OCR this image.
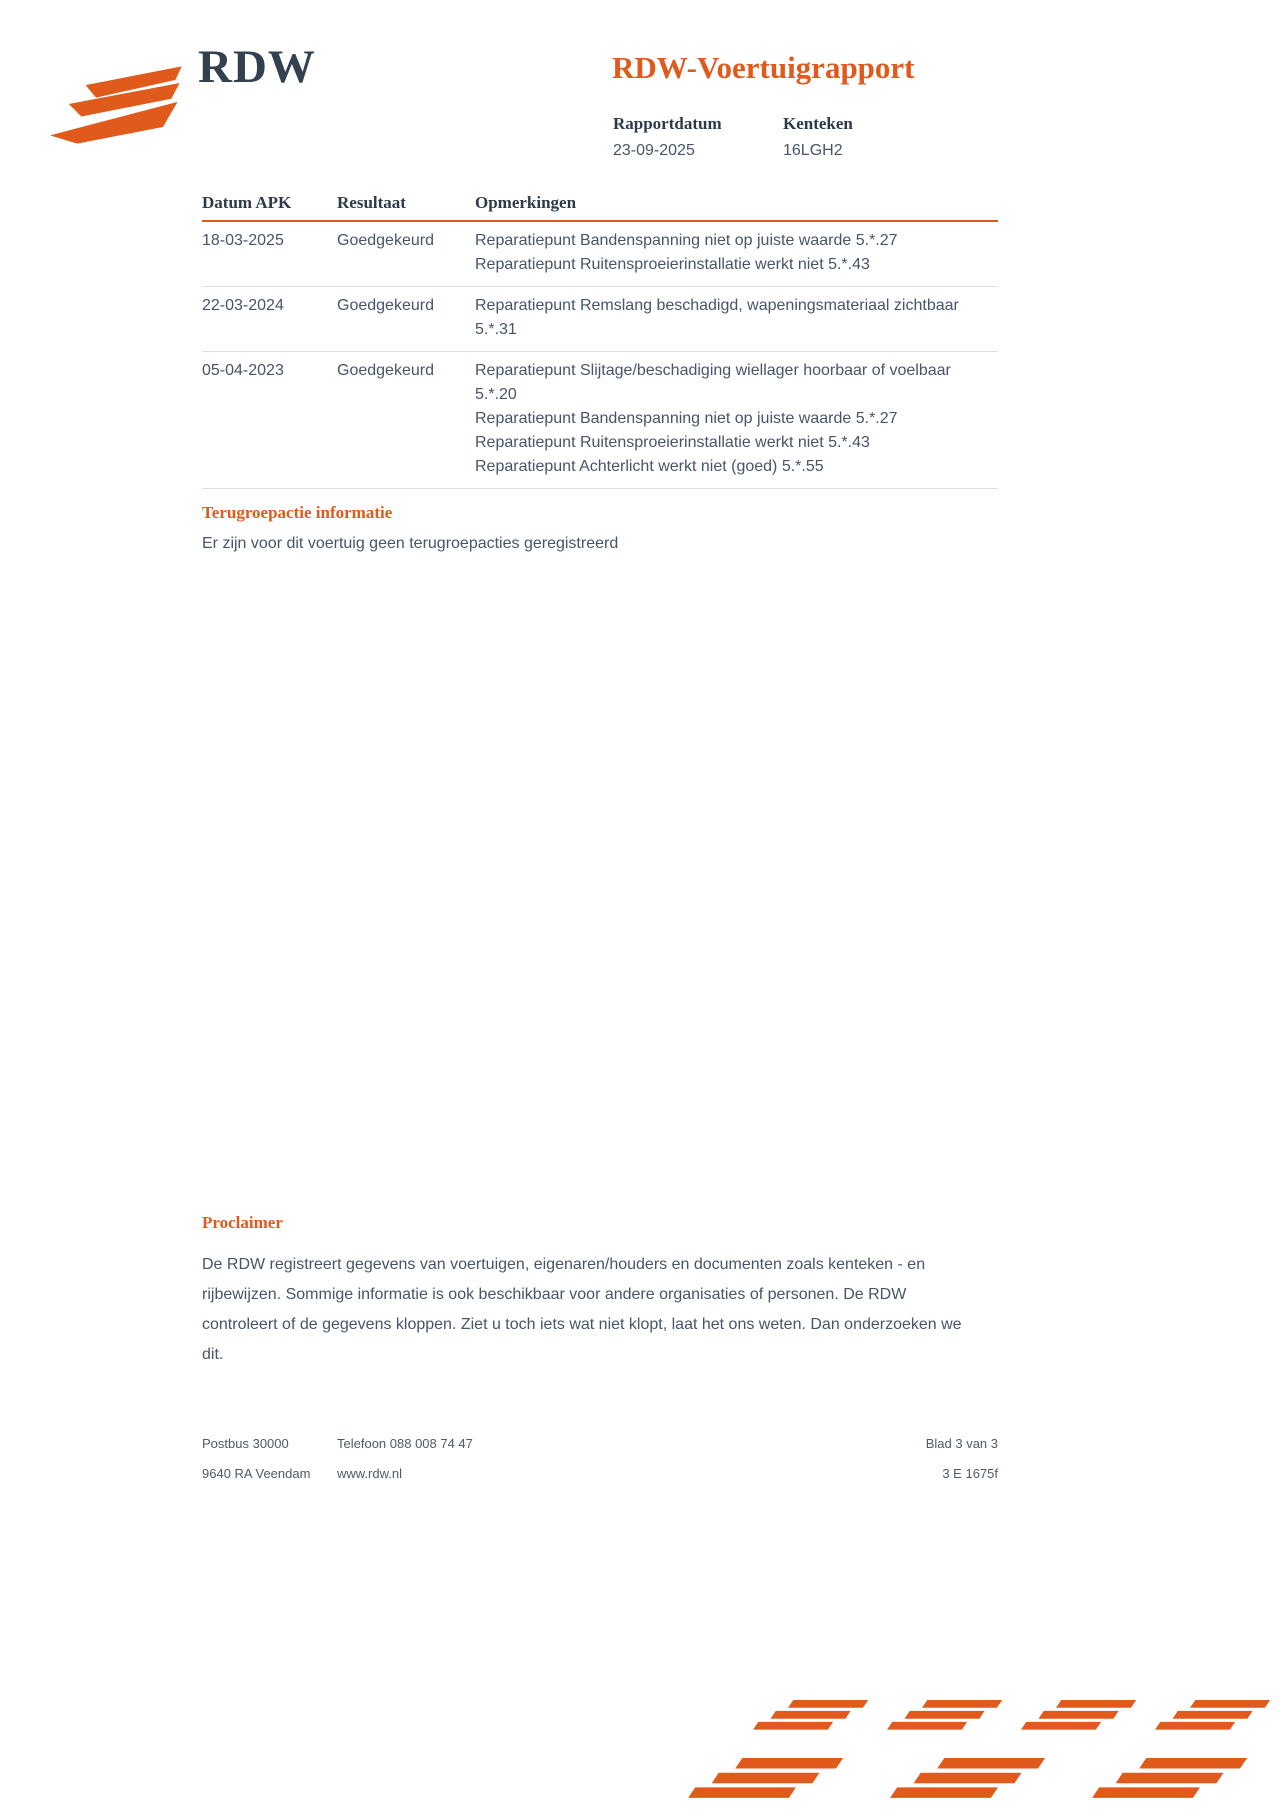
RDW	RDW-Voertuigrapport
Rapportdatum
23-09-2025
Kenteken
16LGH2
Datum APK	Resultaat	Opmerkingen
18-03-2025	Goedgekeurd	Reparatiepunt Bandenspanning niet op juiste waarde 5.*.27
Reparatiepunt Ruitensproeierinstallatie werkt niet 5.*.43
22-03-2024	Goedgekeurd	Reparatiepunt Remslang beschadigd, wapeningsmateriaal zichtbaar 5.*.31
05-04-2023	Goedgekeurd	Reparatiepunt Slijtage/beschadiging wiellager hoorbaar of voelbaar 5.*.20
Reparatiepunt Bandenspanning niet op juiste waarde 5.*.27
Reparatiepunt Ruitensproeierinstallatie werkt niet 5.*.43
Reparatiepunt Achterlicht werkt niet (goed) 5.*.55
Terugroepactie informatie
Er zijn voor dit voertuig geen terugroepacties geregistreerd
Proclaimer

De RDW registreert gegevens van voertuigen, eigenaren/houders en documenten zoals kenteken - en rijbewijzen. Sommige informatie is ook beschikbaar voor andere organisaties of personen. De RDW controleert of de gegevens kloppen. Ziet u toch iets wat niet klopt, laat het ons weten. Dan onderzoeken we dit.

Postbus 30000	Telefoon 088 008 74 47	Blad 3 van 3
9640 RA Veendam	www.rdw.nl	3 E 1675f
